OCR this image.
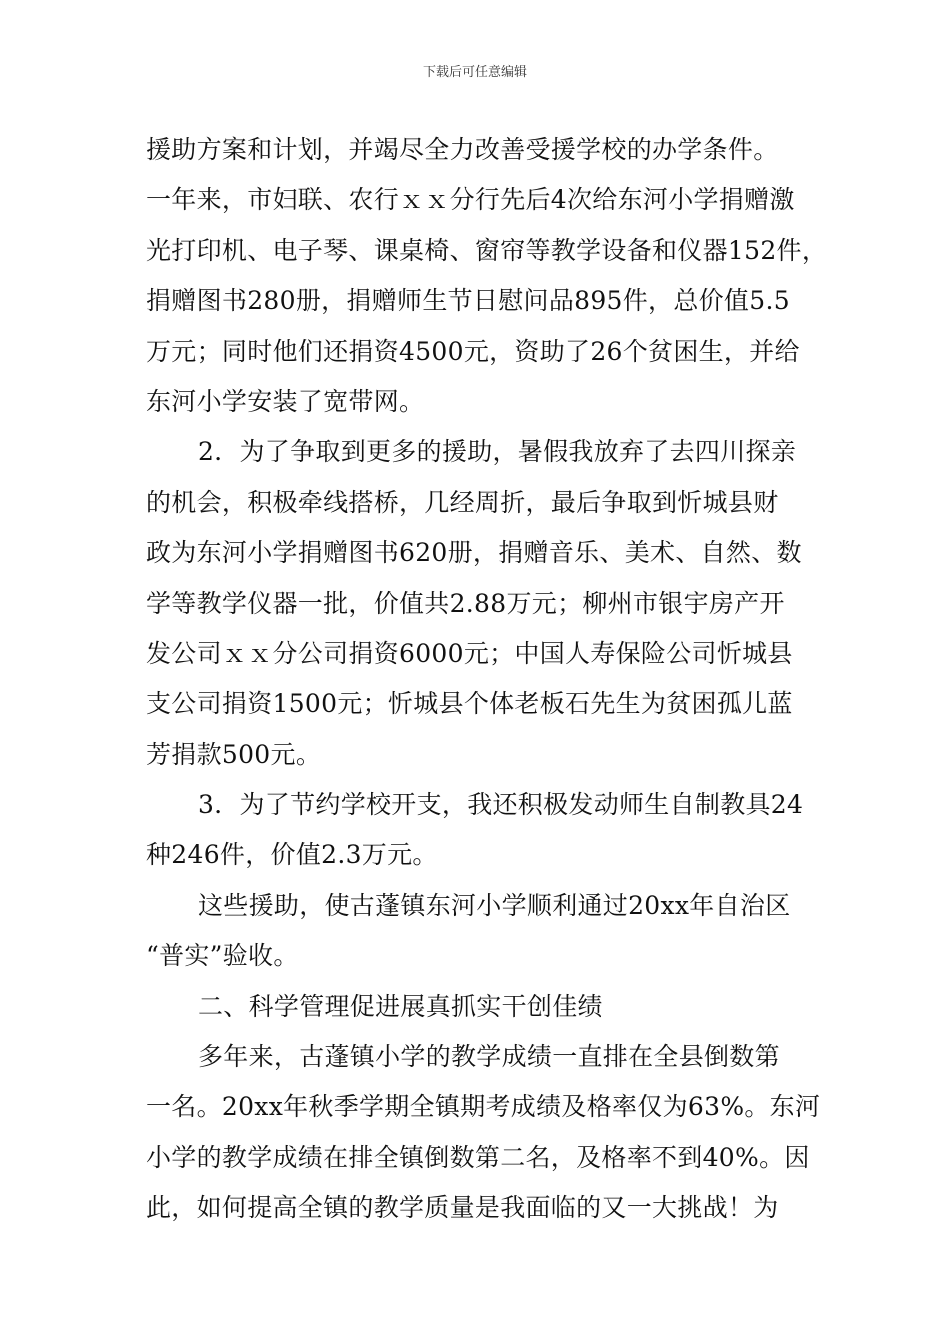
下载后可任意编辑
援助方案和计划，并竭尽全力改善受援学校的办学条件。
一年来，市妇联、农行ｘｘ分行先后4次给东河小学捐赠激
光打印机、电子琴、课桌椅、窗帘等教学设备和仪器152件，
捐赠图书280册，捐赠师生节日慰问品895件，总价值5.5
万元；同时他们还捐资4500元，资助了26个贫困生，并给
东河小学安装了宽带网。
2．为了争取到更多的援助，暑假我放弃了去四川探亲
的机会，积极牵线搭桥，几经周折，最后争取到忻城县财
政为东河小学捐赠图书620册，捐赠音乐、美术、自然、数
学等教学仪器一批，价值共2.88万元；柳州市银宇房产开
发公司ｘｘ分公司捐资6000元；中国人寿保险公司忻城县
支公司捐资1500元；忻城县个体老板石先生为贫困孤儿蓝
芳捐款500元。
3．为了节约学校开支，我还积极发动师生自制教具24
种246件，价值2.3万元。
这些援助，使古蓬镇东河小学顺利通过20xx年自治区
“普实”验收。
二、科学管理促进展真抓实干创佳绩
多年来，古蓬镇小学的教学成绩一直排在全县倒数第
一名。20xx年秋季学期全镇期考成绩及格率仅为63%。东河
小学的教学成绩在排全镇倒数第二名，及格率不到40%。因
此，如何提高全镇的教学质量是我面临的又一大挑战！为
